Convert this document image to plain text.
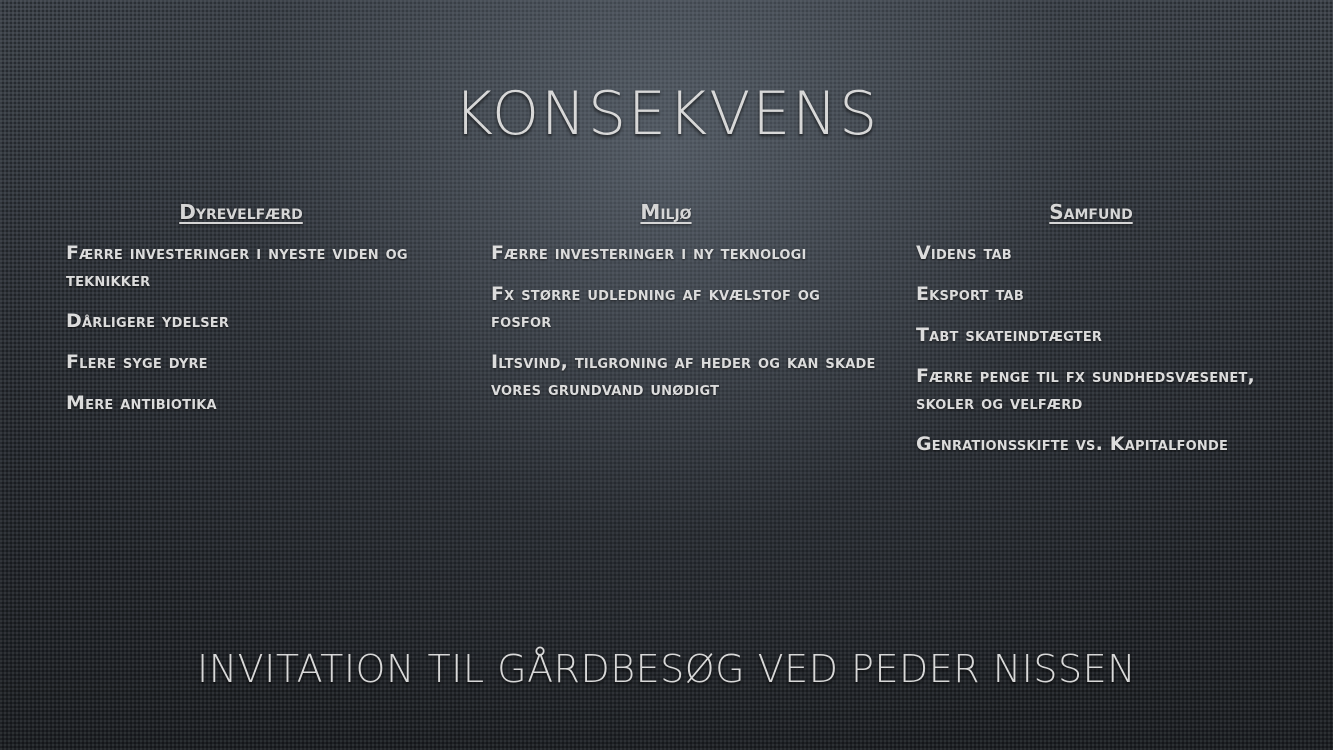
KONSEKVENS
Dyrevelfærd
Færre investeringer i nyeste viden og teknikker
Dårligere ydelser
Flere syge dyre
Mere antibiotika
Miljø
Færre investeringer i ny teknologi
Fx større udledning af kvælstof og fosfor
Iltsvind, tilgroning af heder og kan skade vores grundvand unødigt
Samfund
Videns tab
Eksport tab
Tabt skateindtægter
Færre penge til fx sundhedsvæsenet, skoler og velfærd
Genrationsskifte vs. Kapitalfonde
INVITATION TIL GÅRDBESØG VED PEDER NISSEN
